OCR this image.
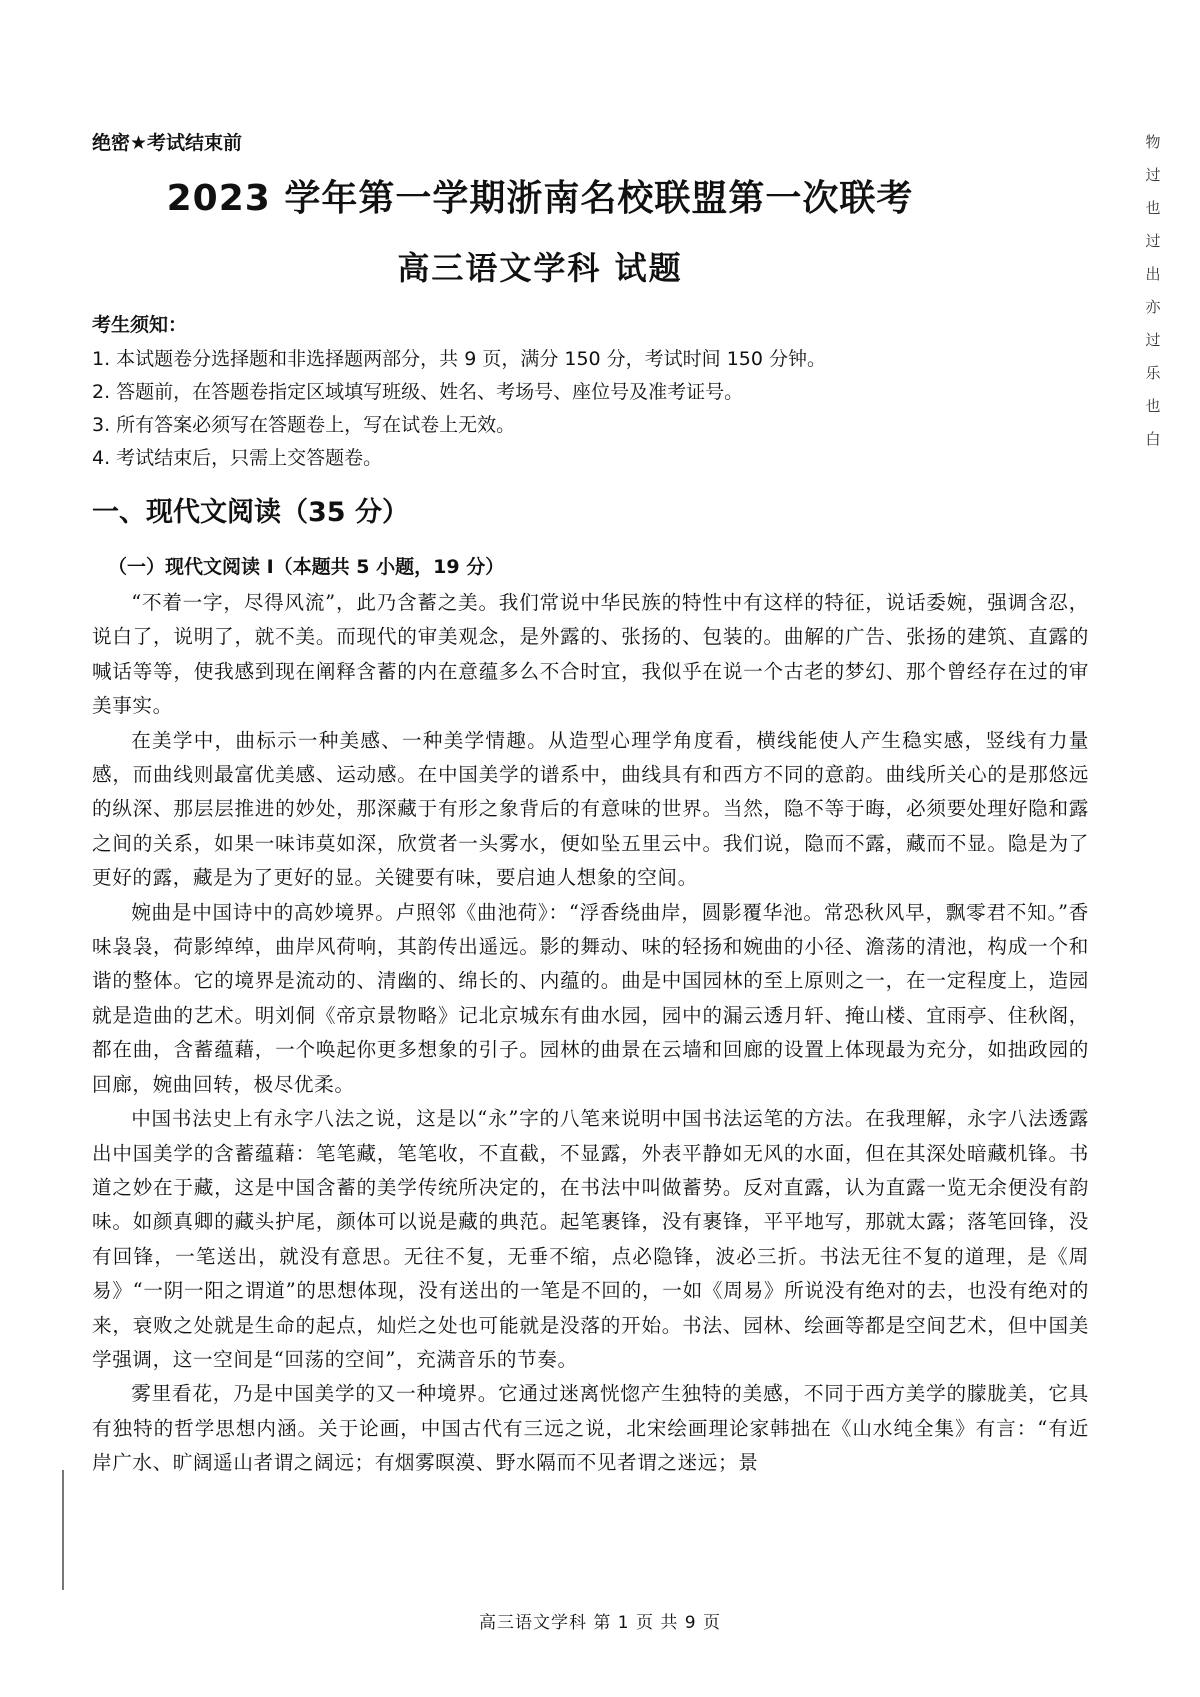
绝密★考试结束前
2023 学年第一学期浙南名校联盟第一次联考
高三语文学科 试题
考生须知：
1. 本试题卷分选择题和非选择题两部分，共 9 页，满分 150 分，考试时间 150 分钟。
2. 答题前，在答题卷指定区域填写班级、姓名、考场号、座位号及准考证号。
3. 所有答案必须写在答题卷上，写在试卷上无效。
4. 考试结束后，只需上交答题卷。
一、现代文阅读（35 分）
（一）现代文阅读 I（本题共 5 小题，19 分）

“不着一字，尽得风流”，此乃含蓄之美。我们常说中华民族的特性中有这样的特征，说话委婉，强调含忍，说白了，说明了，就不美。而现代的审美观念，是外露的、张扬的、包装的。曲解的广告、张扬的建筑、直露的喊话等等，使我感到现在阐释含蓄的内在意蕴多么不合时宜，我似乎在说一个古老的梦幻、那个曾经存在过的审美事实。

在美学中，曲标示一种美感、一种美学情趣。从造型心理学角度看，横线能使人产生稳实感，竖线有力量感，而曲线则最富优美感、运动感。在中国美学的谱系中，曲线具有和西方不同的意韵。曲线所关心的是那悠远的纵深、那层层推进的妙处，那深藏于有形之象背后的有意味的世界。当然，隐不等于晦，必须要处理好隐和露之间的关系，如果一味讳莫如深，欣赏者一头雾水，便如坠五里云中。我们说，隐而不露，藏而不显。隐是为了更好的露，藏是为了更好的显。关键要有味，要启迪人想象的空间。

婉曲是中国诗中的高妙境界。卢照邻《曲池荷》：“浮香绕曲岸，圆影覆华池。常恐秋风早，飘零君不知。”香味袅袅，荷影绰绰，曲岸风荷响，其韵传出遥远。影的舞动、味的轻扬和婉曲的小径、澹荡的清池，构成一个和谐的整体。它的境界是流动的、清幽的、绵长的、内蕴的。曲是中国园林的至上原则之一，在一定程度上，造园就是造曲的艺术。明刘侗《帝京景物略》记北京城东有曲水园，园中的漏云透月轩、掩山楼、宜雨亭、住秋阁，都在曲，含蓄蕴藉，一个唤起你更多想象的引子。园林的曲景在云墙和回廊的设置上体现最为充分，如拙政园的回廊，婉曲回转，极尽优柔。

中国书法史上有永字八法之说，这是以“永”字的八笔来说明中国书法运笔的方法。在我理解，永字八法透露出中国美学的含蓄蕴藉：笔笔藏，笔笔收，不直截，不显露，外表平静如无风的水面，但在其深处暗藏机锋。书道之妙在于藏，这是中国含蓄的美学传统所决定的，在书法中叫做蓄势。反对直露，认为直露一览无余便没有韵味。如颜真卿的藏头护尾，颜体可以说是藏的典范。起笔裹锋，没有裹锋，平平地写，那就太露；落笔回锋，没有回锋，一笔送出，就没有意思。无往不复，无垂不缩，点必隐锋，波必三折。书法无往不复的道理，是《周易》“一阴一阳之谓道”的思想体现，没有送出的一笔是不回的，一如《周易》所说没有绝对的去，也没有绝对的来，衰败之处就是生命的起点，灿烂之处也可能就是没落的开始。书法、园林、绘画等都是空间艺术，但中国美学强调，这一空间是“回荡的空间”，充满音乐的节奏。

雾里看花，乃是中国美学的又一种境界。它通过迷离恍惚产生独特的美感，不同于西方美学的朦胧美，它具有独特的哲学思想内涵。关于论画，中国古代有三远之说，北宋绘画理论家韩拙在《山水纯全集》有言：“有近岸广水、旷阔遥山者谓之阔远；有烟雾暝漠、野水隔而不见者谓之迷远；景

物
过
也
过
出
亦
过
乐
也
白
高三语文学科 第 1 页 共 9 页
